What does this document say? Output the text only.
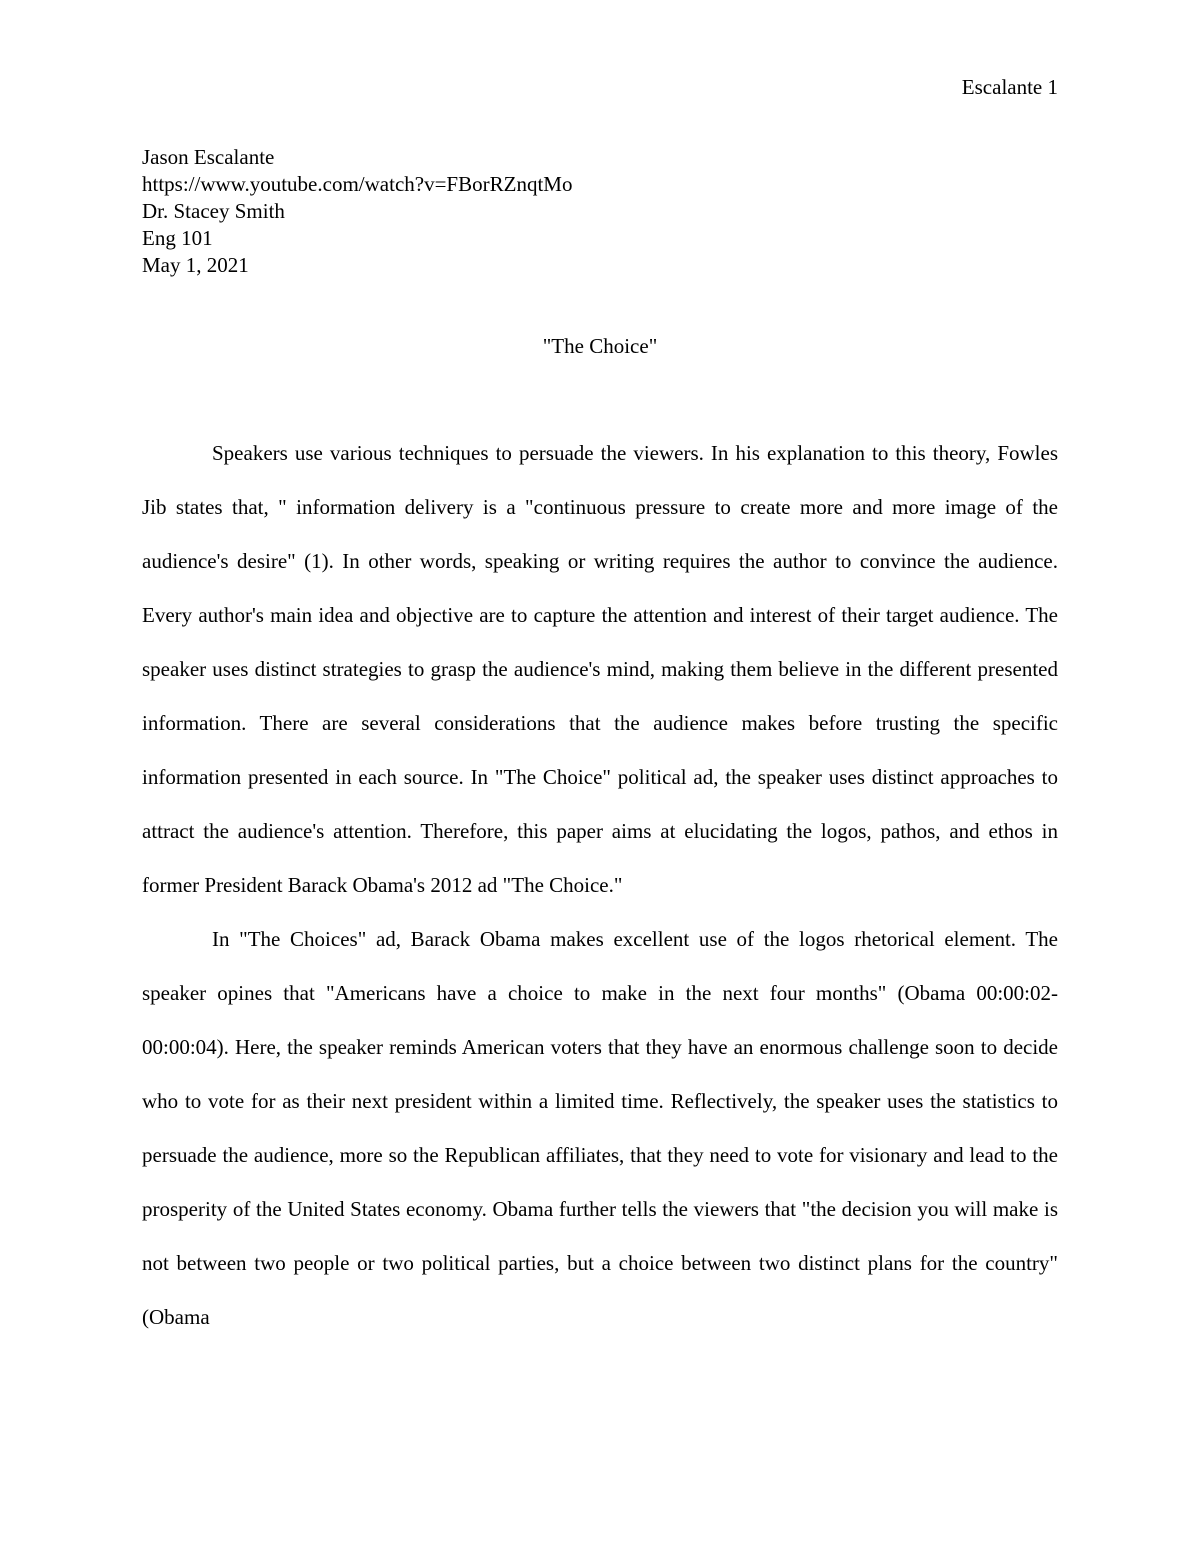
Escalante 1
Jason Escalante
https://www.youtube.com/watch?v=FBorRZnqtMo
Dr. Stacey Smith
Eng 101
May 1, 2021
"The Choice"

Speakers use various techniques to persuade the viewers. In his explanation to this theory, Fowles Jib states that, " information delivery is a "continuous pressure to create more and more image of the audience's desire" (1). In other words, speaking or writing requires the author to convince the audience. Every author's main idea and objective are to capture the attention and interest of their target audience. The speaker uses distinct strategies to grasp the audience's mind, making them believe in the different presented information. There are several considerations that the audience makes before trusting the specific information presented in each source. In "The Choice" political ad, the speaker uses distinct approaches to attract the audience's attention. Therefore, this paper aims at elucidating the logos, pathos, and ethos in former President Barack Obama's 2012 ad "The Choice."

In "The Choices" ad, Barack Obama makes excellent use of the logos rhetorical element. The speaker opines that "Americans have a choice to make in the next four months" (Obama 00:00:02- 00:00:04). Here, the speaker reminds American voters that they have an enormous challenge soon to decide who to vote for as their next president within a limited time. Reflectively, the speaker uses the statistics to persuade the audience, more so the Republican affiliates, that they need to vote for visionary and lead to the prosperity of the United States economy. Obama further tells the viewers that "the decision you will make is not between two people or two political parties, but a choice between two distinct plans for the country" (Obama
